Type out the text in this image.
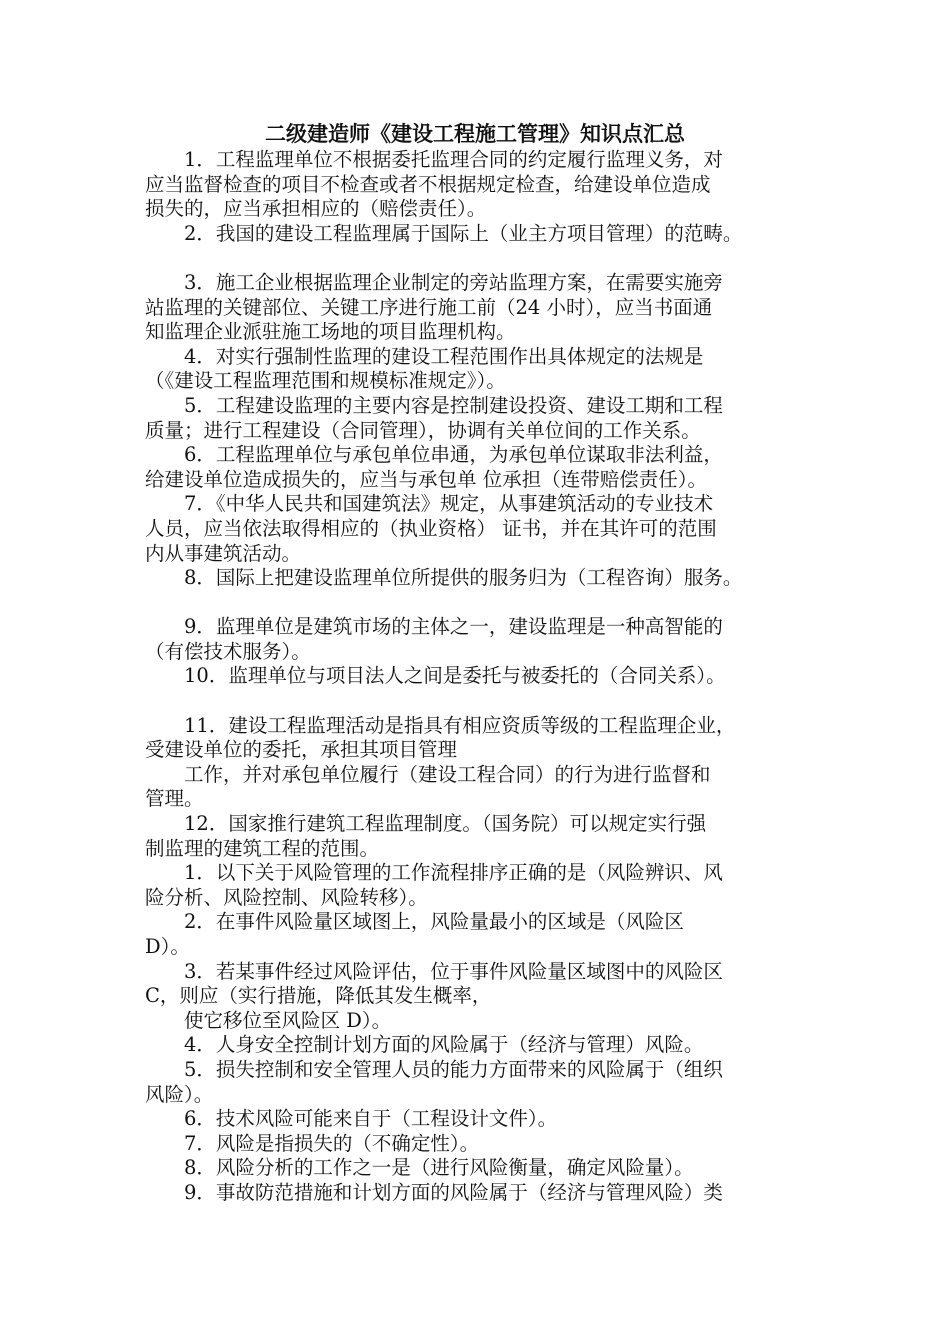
二级建造师《建设工程施工管理》知识点汇总
1．工程监理单位不根据委托监理合同的约定履行监理义务，对
应当监督检查的项目不检查或者不根据规定检查，给建设单位造成
损失的，应当承担相应的（赔偿责任）。
2．我国的建设工程监理属于国际上（业主方项目管理）的范畴。
3．施工企业根据监理企业制定的旁站监理方案，在需要实施旁
站监理的关键部位、关键工序进行施工前（24 小时），应当书面通
知监理企业派驻施工场地的项目监理机构。
4．对实行强制性监理的建设工程范围作出具体规定的法规是
（《建设工程监理范围和规模标准规定》）。
5．工程建设监理的主要内容是控制建设投资、建设工期和工程
质量；进行工程建设（合同管理），协调有关单位间的工作关系。
6．工程监理单位与承包单位串通，为承包单位谋取非法利益，
给建设单位造成损失的，应当与承包单 位承担（连带赔偿责任）。
7．《中华人民共和国建筑法》规定，从事建筑活动的专业技术
人员，应当依法取得相应的（执业资格） 证书，并在其许可的范围
内从事建筑活动。
8．国际上把建设监理单位所提供的服务归为（工程咨询）服务。
9．监理单位是建筑市场的主体之一，建设监理是一种高智能的
（有偿技术服务）。
10．监理单位与项目法人之间是委托与被委托的（合同关系）。
11．建设工程监理活动是指具有相应资质等级的工程监理企业，
受建设单位的委托，承担其项目管理
工作，并对承包单位履行（建设工程合同）的行为进行监督和
管理。
12．国家推行建筑工程监理制度。（国务院）可以规定实行强
制监理的建筑工程的范围。
1．以下关于风险管理的工作流程排序正确的是（风险辨识、风
险分析、风险控制、风险转移）。
2．在事件风险量区域图上，风险量最小的区域是（风险区
D）。
3．若某事件经过风险评估，位于事件风险量区域图中的风险区
C，则应（实行措施，降低其发生概率，
使它移位至风险区 D）。
4．人身安全控制计划方面的风险属于（经济与管理）风险。
5．损失控制和安全管理人员的能力方面带来的风险属于（组织
风险）。
6．技术风险可能来自于（工程设计文件）。
7．风险是指损失的（不确定性）。
8．风险分析的工作之一是（进行风险衡量，确定风险量）。
9．事故防范措施和计划方面的风险属于（经济与管理风险）类
